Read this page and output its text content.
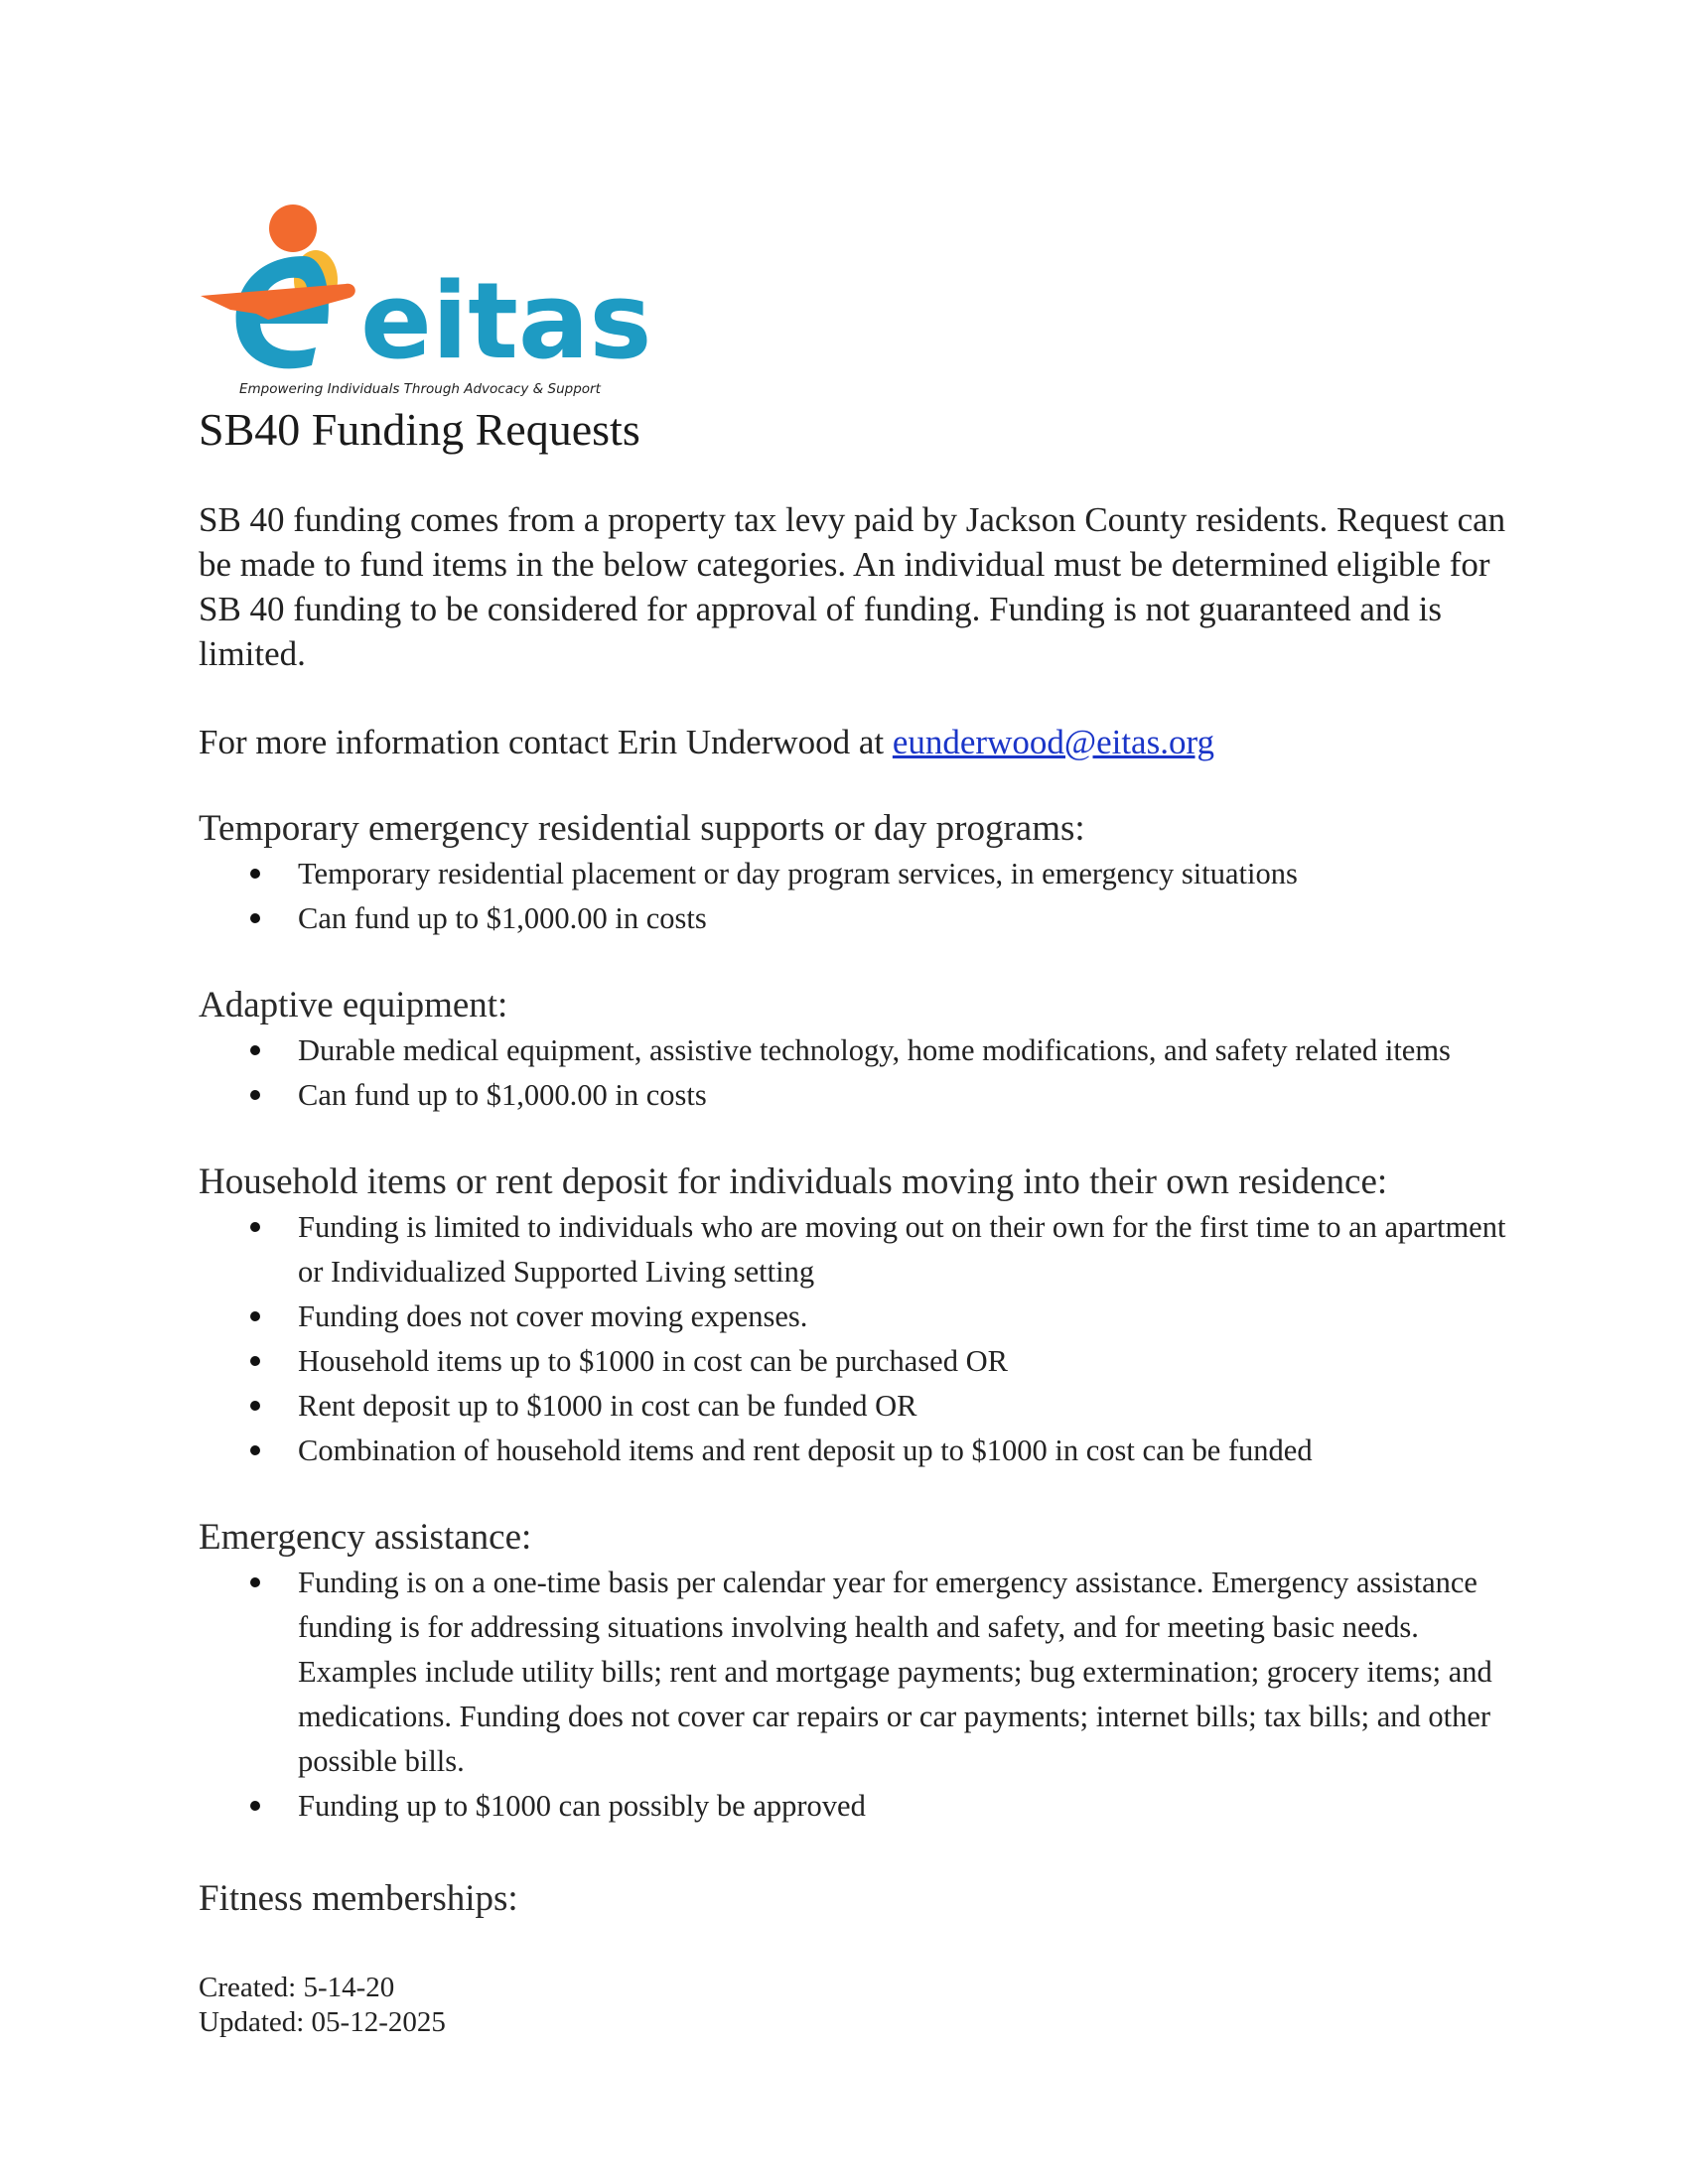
eitas
Empowering Individuals Through Advocacy & Support
SB40 Funding Requests
SB 40 funding comes from a property tax levy paid by Jackson County residents. Request can be made to fund items in the below categories. An individual must be determined eligible for SB 40 funding to be considered for approval of funding. Funding is not guaranteed and is limited.
For more information contact Erin Underwood at eunderwood@eitas.org
Temporary emergency residential supports or day programs:
Temporary residential placement or day program services, in emergency situations
Can fund up to $1,000.00 in costs
Adaptive equipment:
Durable medical equipment, assistive technology, home modifications, and safety related items
Can fund up to $1,000.00 in costs
Household items or rent deposit for individuals moving into their own residence:
Funding is limited to individuals who are moving out on their own for the first time to an apartment or Individualized Supported Living setting
Funding does not cover moving expenses.
Household items up to $1000 in cost can be purchased OR
Rent deposit up to $1000 in cost can be funded OR
Combination of household items and rent deposit up to $1000 in cost can be funded
Emergency assistance:
Funding is on a one-time basis per calendar year for emergency assistance. Emergency assistance funding is for addressing situations involving health and safety, and for meeting basic needs. Examples include utility bills; rent and mortgage payments; bug extermination; grocery items; and medications. Funding does not cover car repairs or car payments; internet bills; tax bills; and other possible bills.
Funding up to $1000 can possibly be approved
Fitness memberships:
Created: 5-14-20
Updated: 05-12-2025
